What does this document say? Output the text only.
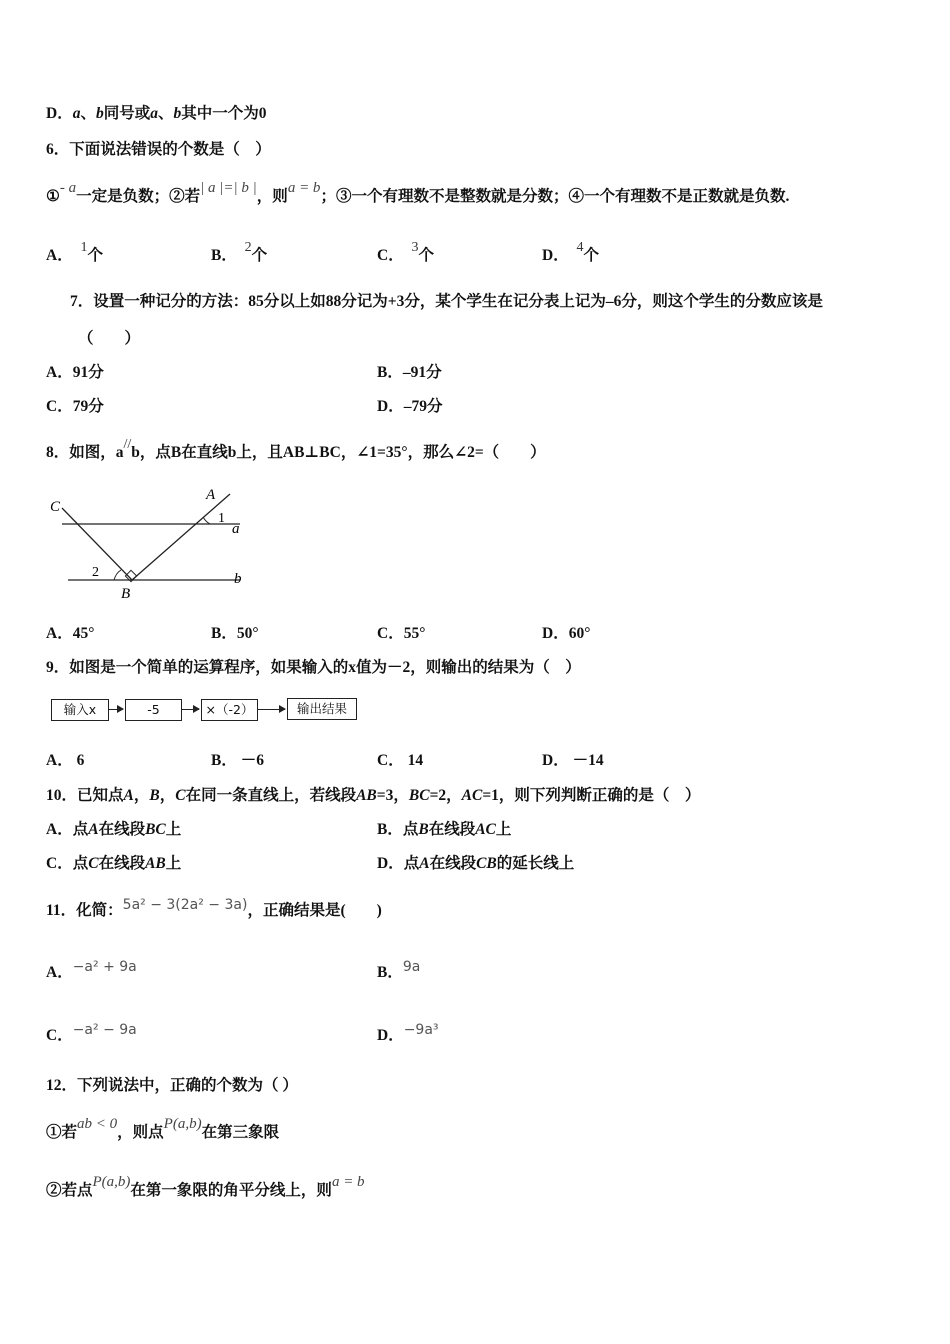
D．a、b同号或a、b其中一个为0
6．下面说法错误的个数是（　）
①- a一定是负数；②若| a |=| b |，则a = b；③一个有理数不是整数就是分数；④一个有理数不是正数就是负数.
A． 1个	B． 2个	C． 3个	D． 4个
7．设置一种记分的方法：85分以上如88分记为+3分，某个学生在记分表上记为–6分，则这个学生的分数应该是
（　　）
A．91分	B．–91分
C．79分	D．–79分
8．如图，a//b，点B在直线b上，且AB⊥BC，∠1=35°，那么∠2=（　　）
C
A
1
a
2
B
b
A．45°	B．50°	C．55°	D．60°
9．如图是一个简单的运算程序，如果输入的x值为－2，则输出的结果为（　）
输入x	-5	×（-2）	输出结果
A． 6	B． －6	C． 14	D． －14
10．已知点A，B，C在同一条直线上，若线段AB=3，BC=2，AC=1，则下列判断正确的是（　）
A．点A在线段BC上	B．点B在线段AC上
C．点C在线段AB上	D．点A在线段CB的延长线上
11．化简：5a² − 3(2a² − 3a)，正确结果是(　　)
A．−a² + 9a	B．9a
C．−a² − 9a	D．−9a³
12．下列说法中，正确的个数为（ ）
①若ab < 0，则点P(a,b)在第三象限
②若点P(a,b)在第一象限的角平分线上，则a = b
